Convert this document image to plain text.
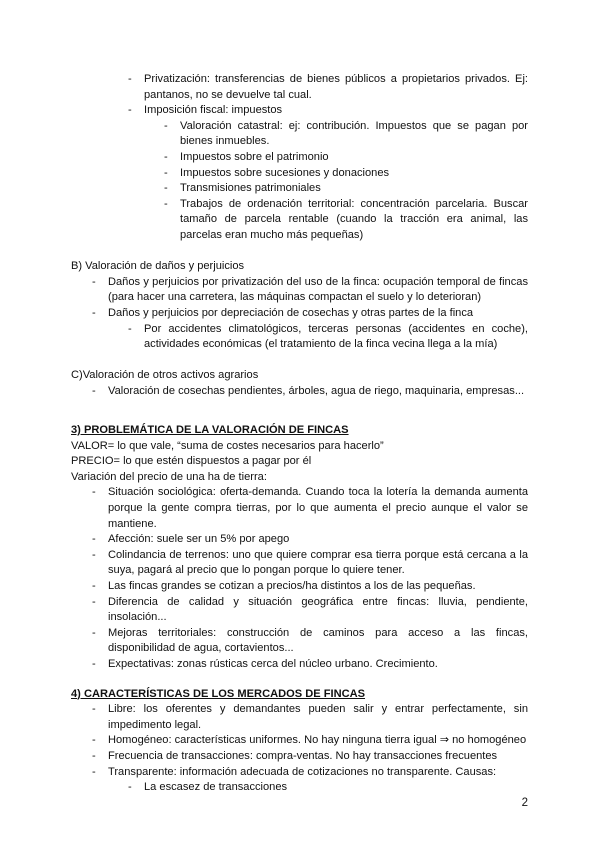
- Privatización: transferencias de bienes públicos a propietarios privados. Ej: pantanos, no se devuelve tal cual.

- Imposición fiscal: impuestos

- Valoración catastral: ej: contribución. Impuestos que se pagan por bienes inmuebles.

- Impuestos sobre el patrimonio

- Impuestos sobre sucesiones y donaciones

- Transmisiones patrimoniales

- Trabajos de ordenación territorial: concentración parcelaria. Buscar tamaño de parcela rentable (cuando la tracción era animal, las parcelas eran mucho más pequeñas)

B) Valoración de daños y perjuicios

- Daños y perjuicios por privatización del uso de la finca: ocupación temporal de fincas (para hacer una carretera, las máquinas compactan el suelo y lo deterioran)

- Daños y perjuicios por depreciación de cosechas y otras partes de la finca

- Por accidentes climatológicos, terceras personas (accidentes en coche), actividades económicas (el tratamiento de la finca vecina llega a la mía)

C)Valoración de otros activos agrarios

- Valoración de cosechas pendientes, árboles, agua de riego, maquinaria, empresas...

3) PROBLEMÁTICA DE LA VALORACIÓN DE FINCAS

VALOR= lo que vale, “suma de costes necesarios para hacerlo”

PRECIO= lo que estén dispuestos a pagar por él

Variación del precio de una ha de tierra:

- Situación sociológica: oferta-demanda. Cuando toca la lotería la demanda aumenta porque la gente compra tierras, por lo que aumenta el precio aunque el valor se mantiene.

- Afección: suele ser un 5% por apego

- Colindancia de terrenos: uno que quiere comprar esa tierra porque está cercana a la suya, pagará al precio que lo pongan porque lo quiere tener.

- Las fincas grandes se cotizan a precios/ha distintos a los de las pequeñas.

- Diferencia de calidad y situación geográfica entre fincas: lluvia, pendiente, insolación...

- Mejoras territoriales: construcción de caminos para acceso a las fincas, disponibilidad de agua, cortavientos...

- Expectativas: zonas rústicas cerca del núcleo urbano. Crecimiento.

4) CARACTERÍSTICAS DE LOS MERCADOS DE FINCAS

- Libre: los oferentes y demandantes pueden salir y entrar perfectamente, sin impedimento legal.

- Homogéneo: características uniformes. No hay ninguna tierra igual ⇒ no homogéneo

- Frecuencia de transacciones: compra-ventas. No hay transacciones frecuentes

- Transparente: información adecuada de cotizaciones no transparente. Causas:

- La escasez de transacciones

2
